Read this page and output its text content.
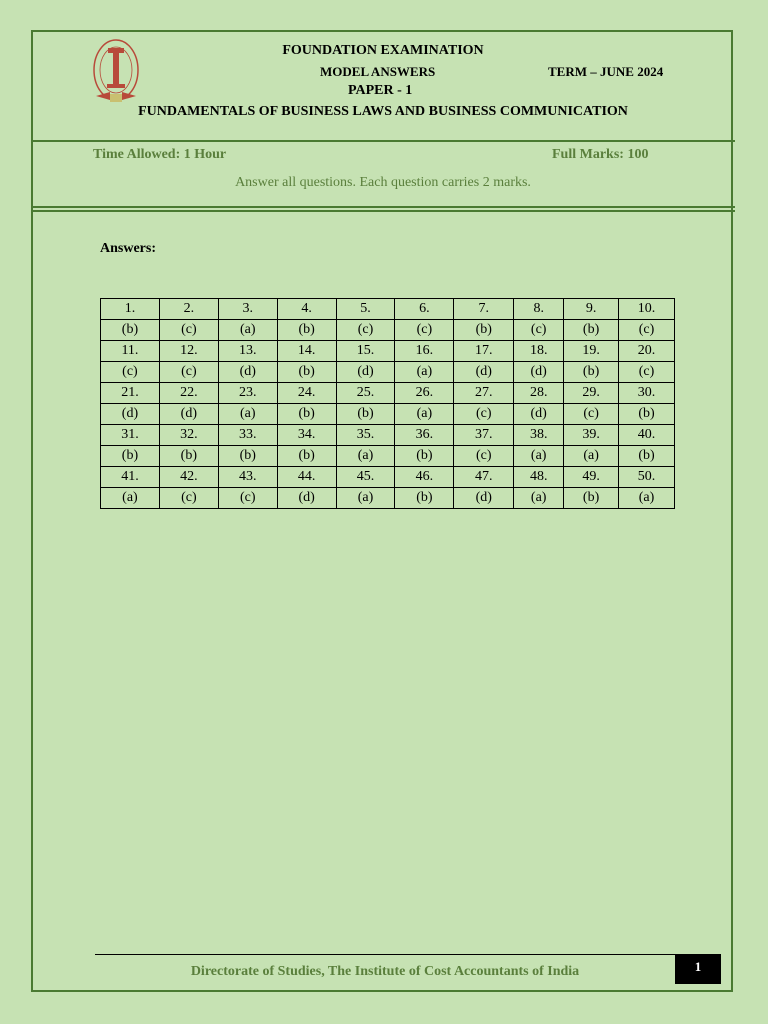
FOUNDATION EXAMINATION
MODEL ANSWERS	TERM – JUNE 2024
PAPER - 1
FUNDAMENTALS OF BUSINESS LAWS AND BUSINESS COMMUNICATION
Time Allowed: 1 Hour	Full Marks: 100
Answer all questions. Each question carries 2 marks.
Answers:
1.	2.	3.	4.	5.	6.	7.	8.	9.	10.
(b)	(c)	(a)	(b)	(c)	(c)	(b)	(c)	(b)	(c)
11.	12.	13.	14.	15.	16.	17.	18.	19.	20.
(c)	(c)	(d)	(b)	(d)	(a)	(d)	(d)	(b)	(c)
21.	22.	23.	24.	25.	26.	27.	28.	29.	30.
(d)	(d)	(a)	(b)	(b)	(a)	(c)	(d)	(c)	(b)
31.	32.	33.	34.	35.	36.	37.	38.	39.	40.
(b)	(b)	(b)	(b)	(a)	(b)	(c)	(a)	(a)	(b)
41.	42.	43.	44.	45.	46.	47.	48.	49.	50.
(a)	(c)	(c)	(d)	(a)	(b)	(d)	(a)	(b)	(a)
Directorate of Studies, The Institute of Cost Accountants of India	1
